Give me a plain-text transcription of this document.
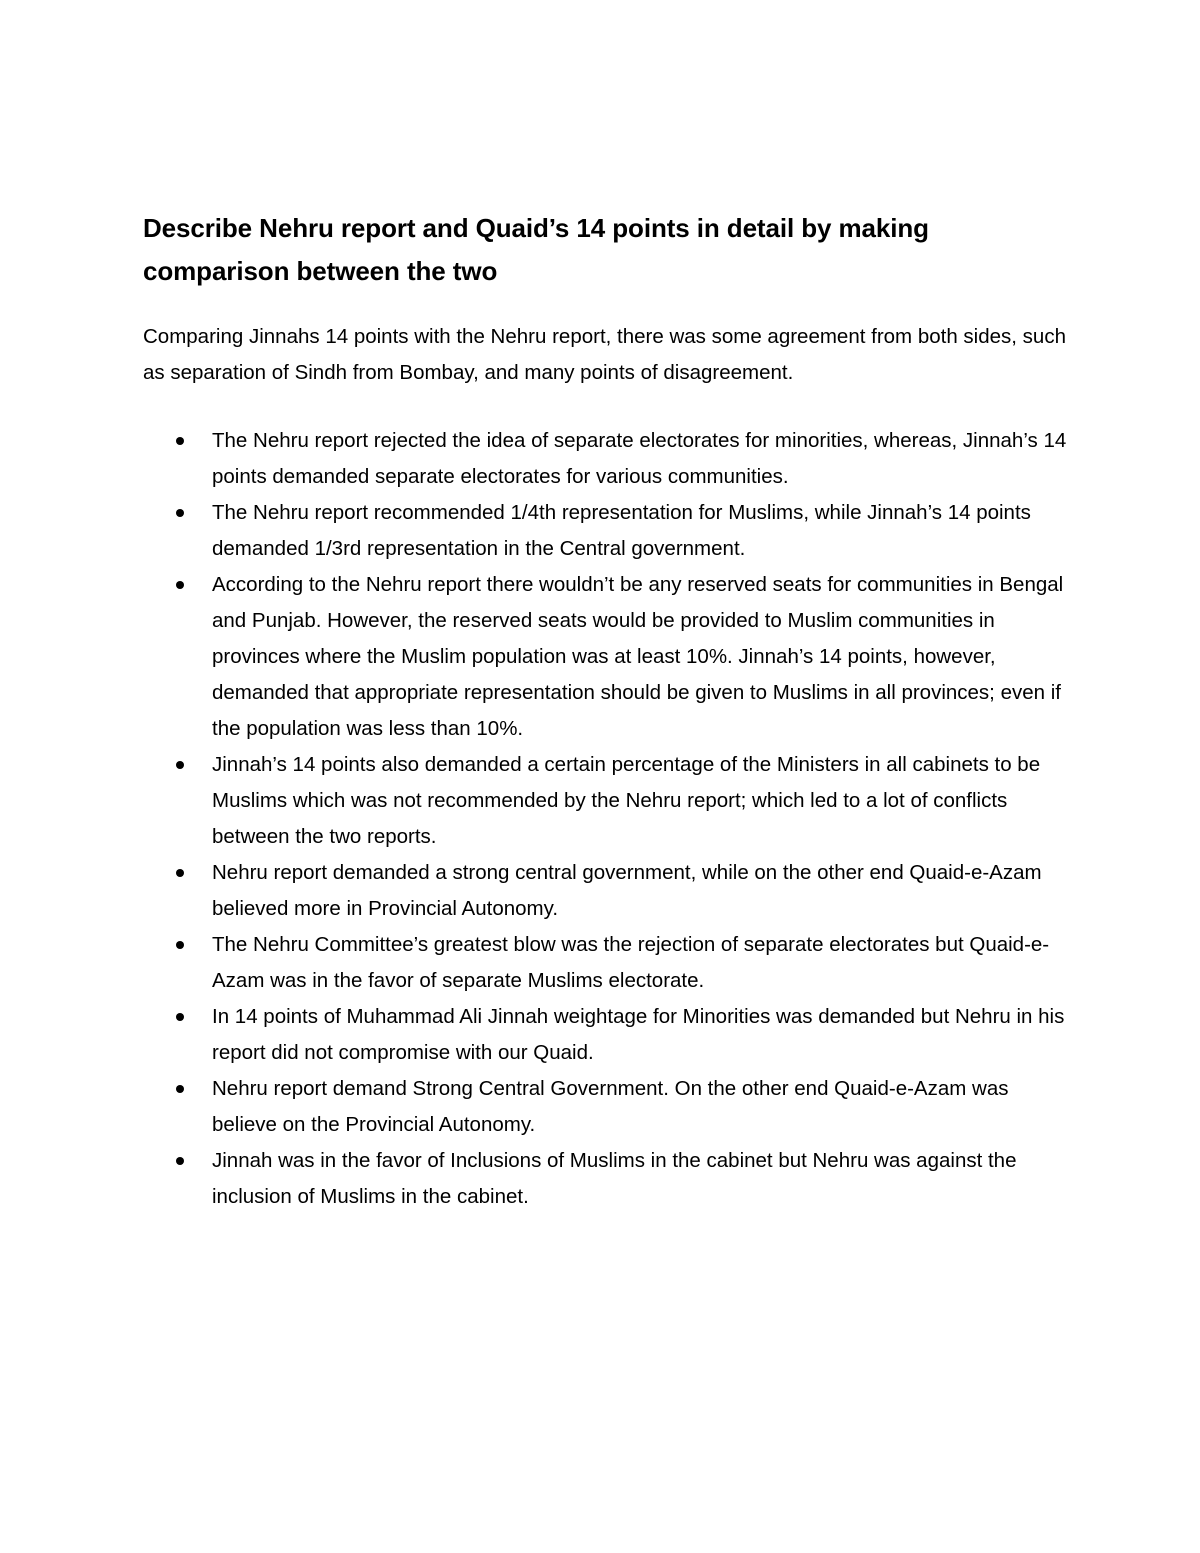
Describe Nehru report and Quaid’s 14 points in detail by making comparison between the two

Comparing Jinnahs 14 points with the Nehru report, there was some agreement from both sides, such as separation of Sindh from Bombay, and many points of disagreement.

The Nehru report rejected the idea of separate electorates for minorities, whereas, Jinnah’s 14 points demanded separate electorates for various communities.
The Nehru report recommended 1/4th representation for Muslims, while Jinnah’s 14 points demanded 1/3rd representation in the Central government.
According to the Nehru report there wouldn’t be any reserved seats for communities in Bengal and Punjab. However, the reserved seats would be provided to Muslim communities in provinces where the Muslim population was at least 10%. Jinnah’s 14 points, however, demanded that appropriate representation should be given to Muslims in all provinces; even if the population was less than 10%.
Jinnah’s 14 points also demanded a certain percentage of the Ministers in all cabinets to be Muslims which was not recommended by the Nehru report; which led to a lot of conflicts between the two reports.
Nehru report demanded a strong central government, while on the other end Quaid-e-Azam believed more in Provincial Autonomy.
The Nehru Committee’s greatest blow was the rejection of separate electorates but Quaid-e-Azam was in the favor of separate Muslims electorate.
In 14 points of Muhammad Ali Jinnah weightage for Minorities was demanded but Nehru in his report did not compromise with our Quaid.
Nehru report demand Strong Central Government. On the other end Quaid-e-Azam was believe on the Provincial Autonomy.
Jinnah was in the favor of Inclusions of Muslims in the cabinet but Nehru was against the inclusion of Muslims in the cabinet.
